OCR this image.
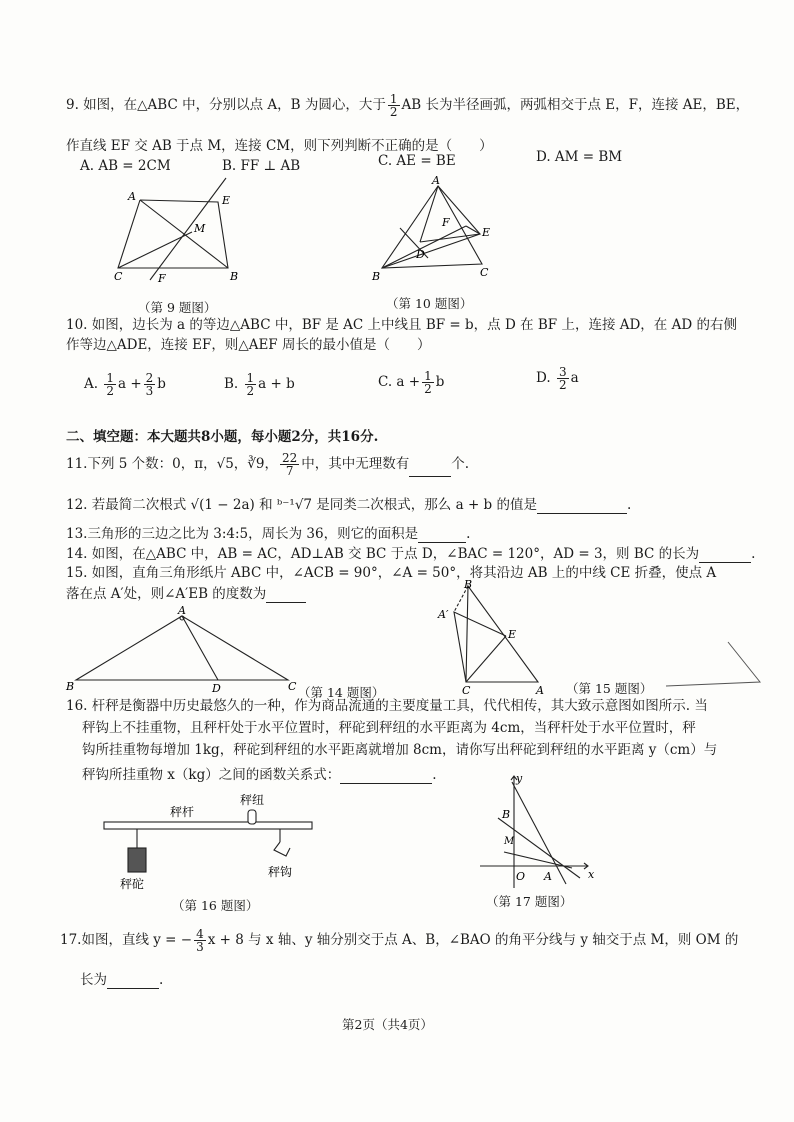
9. 如图，在△ABC 中，分别以点 A，B 为圆心，大于 $\frac{1}{2}$ AB 长为半径画弧，两弧相交于点 E，F，连接 AE，BE，
作直线 EF 交 AB 于点 M，连接 CM，则下列判断不正确的是（　　）
A. AB = 2CM	B. FF ⊥ AB	C. AE = BE	D. AM = BM
A	E
M
C	F	B
（第 9 题图）
A
F
E
D
B	C
（第 10 题图）
10. 如图，边长为 a 的等边△ABC 中，BF 是 AC 上中线且 BF = b，点 D 在 BF 上，连接 AD，在 AD 的右侧
作等边△ADE，连接 EF，则△AEF 周长的最小值是（　　）
A. $\frac{1}{2}$ $a + \frac{2}{3}$ b	B. $\frac{1}{2}$ a + b	C. $a + \frac{1}{2}$ b	D. $\frac{3}{2}$ a
二、填空题：本大题共8小题，每小题2分，共16分.
11.下列 5 个数：0，π，√5，∛9， $\frac{22}{7}$ 中，其中无理数有	个.
12. 若最简二次根式 √(1 − 2a) 和 ᵇ⁻¹√7 是同类二次根式，那么 a + b 的值是	.
13.三角形的三边之比为 3:4:5，周长为 36，则它的面积是	.
14. 如图，在△ABC 中，AB = AC，AD⊥AB 交 BC 于点 D，∠BAC = 120°，AD = 3，则 BC 的长为	.
15. 如图，直角三角形纸片 ABC 中，∠ACB = 90°，∠A = 50°，将其沿边 AB 上的中线 CE 折叠，使点 A
落在点 A′处，则∠A′EB 的度数为
A
B	D	C （第 14 题图）
B
A′
E
C	A （第 15 题图）
16. 杆秤是衡器中历史最悠久的一种，作为商品流通的主要度量工具，代代相传，其大致示意图如图所示. 当
秤钩上不挂重物，且秤杆处于水平位置时，秤砣到秤纽的水平距离为 4cm，当秤杆处于水平位置时，秤
钩所挂重物每增加 1kg，秤砣到秤纽的水平距离就增加 8cm，请你写出秤砣到秤纽的水平距离 y（cm）与
秤钩所挂重物 x（kg）之间的函数关系式：	.
秤杆
秤纽
秤砣
秤钩
（第 16 题图）
y
B
M
O A	x
（第 17 题图）
17.如图，直线 y = − $\frac{4}{3}$ x + 8 与 x 轴、y 轴分别交于点 A、B，∠BAO 的角平分线与 y 轴交于点 M，则 OM 的
长为	.
第2页（共4页）
